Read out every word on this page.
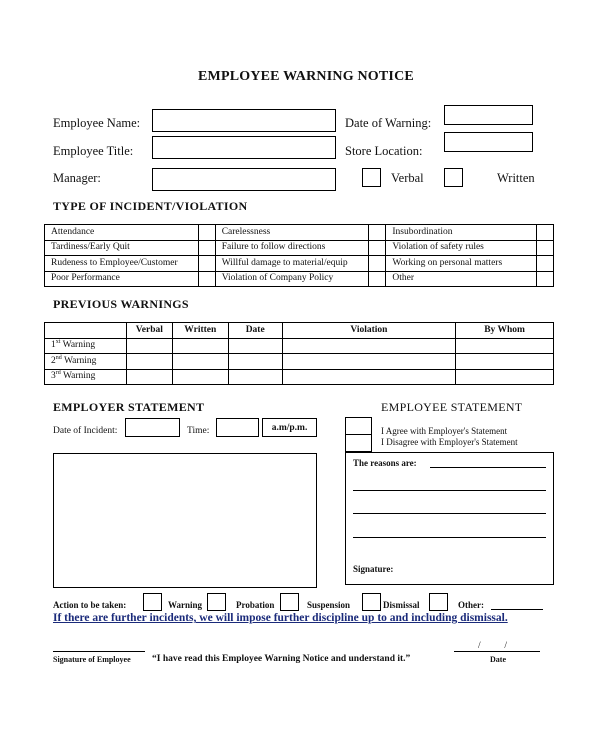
EMPLOYEE WARNING NOTICE
Employee Name:
Employee Title:
Manager:
Date of Warning:
Store Location:
Verbal	Written
TYPE OF INCIDENT/VIOLATION
Attendance		Carelessness		Insubordination	
Tardiness/Early Quit		Failure to follow directions		Violation of safety rules	
Rudeness to Employee/Customer		Willful damage to material/equip		Working on personal matters	
Poor Performance		Violation of Company Policy		Other	
PREVIOUS WARNINGS
	Verbal	Written	Date	Violation	By Whom
$1^{xt}$ Warning					
2nd Warning					
3rd Warning					
EMPLOYER STATEMENT
Date of Incident:	Time:	a.m/p.m.
EMPLOYEE STATEMENT
I Agree with Employer's Statement
I Disagree with Employer's Statement
The reasons are:
Signature:
Action to be taken:	Warning	Probation	Suspension	Dismissal	Other:
If there are further incidents, we will impose further discipline up to and including dismissal.
Signature of Employee “I have read this Employee Warning Notice and understand it.”
/          /
Date
